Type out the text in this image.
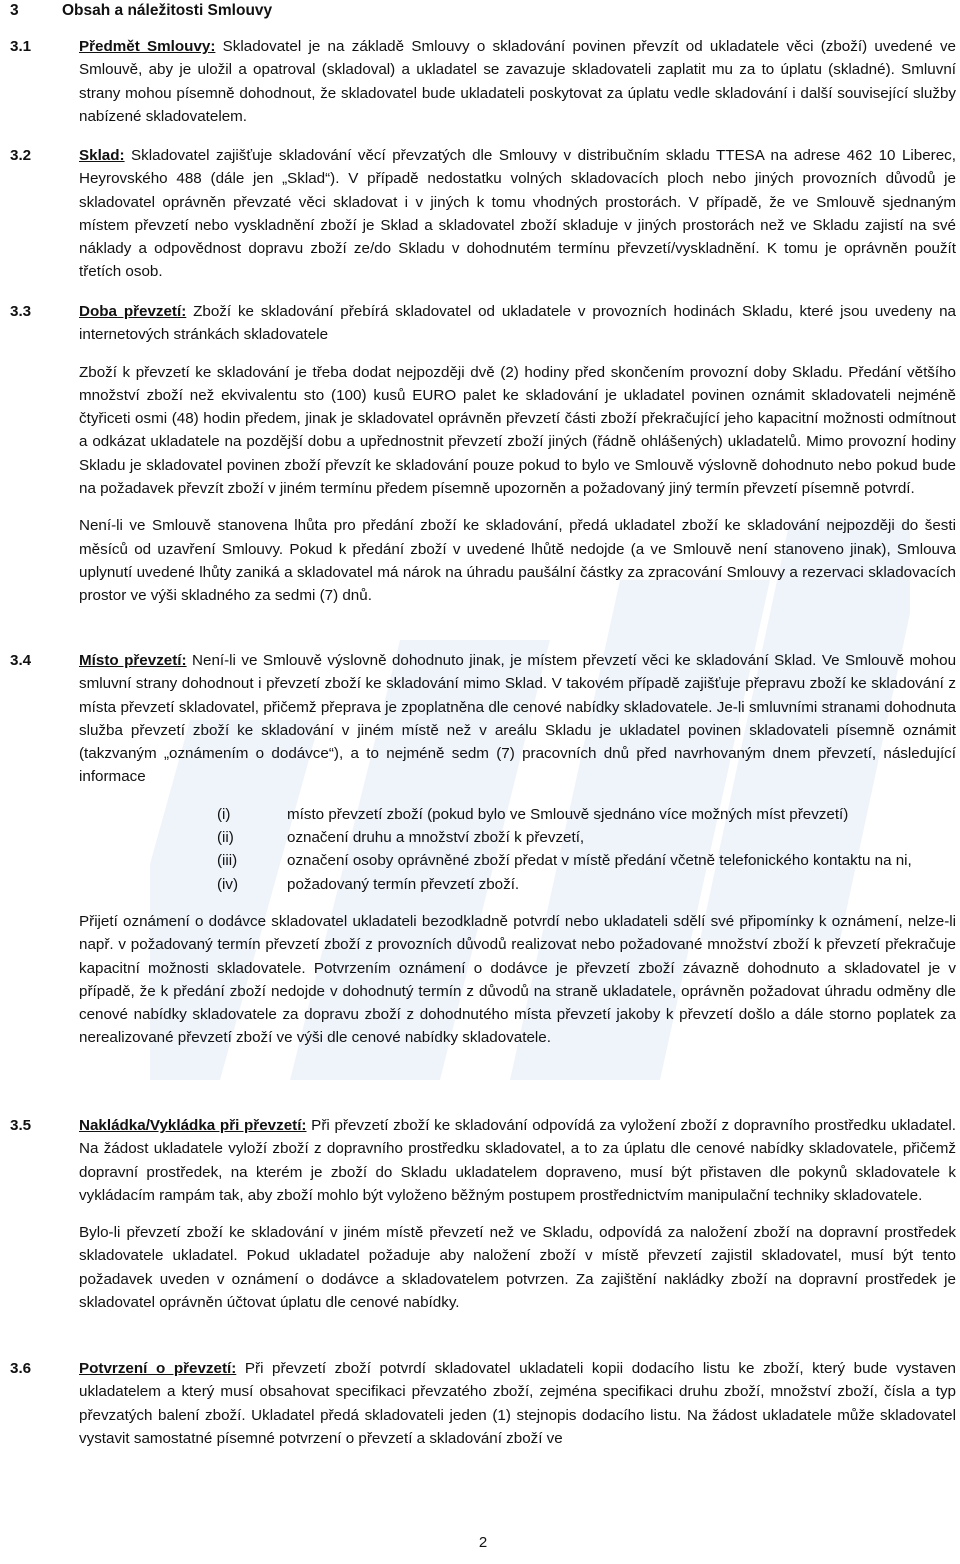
3	Obsah a náležitosti Smlouvy
3.1	Předmět Smlouvy: Skladovatel je na základě Smlouvy o skladování povinen převzít od ukladatele věci (zboží) uvedené ve Smlouvě, aby je uložil a opatroval (skladoval) a ukladatel se zavazuje skladovateli zaplatit mu za to úplatu (skladné). Smluvní strany mohou písemně dohodnout, že skladovatel bude ukladateli poskytovat za úplatu vedle skladování i další související služby nabízené skladovatelem.

3.2	Sklad: Skladovatel zajišťuje skladování věcí převzatých dle Smlouvy v distribučním skladu TTESA na adrese 462 10 Liberec, Heyrovského 488 (dále jen „Sklad“). V případě nedostatku volných skladovacích ploch nebo jiných provozních důvodů je skladovatel oprávněn převzaté věci skladovat i v jiných k tomu vhodných prostorách. V případě, že ve Smlouvě sjednaným místem převzetí nebo vyskladnění zboží je Sklad a skladovatel zboží skladuje v jiných prostorách než ve Skladu zajistí na své náklady a odpovědnost dopravu zboží ze/do Skladu v dohodnutém termínu převzetí/vyskladnění. K tomu je oprávněn použít třetích osob.

3.3	Doba převzetí: Zboží ke skladování přebírá skladovatel od ukladatele v provozních hodinách Skladu, které jsou uvedeny na internetových stránkách skladovatele

Zboží k převzetí ke skladování je třeba dodat nejpozději dvě (2) hodiny před skončením provozní doby Skladu. Předání většího množství zboží než ekvivalentu sto (100) kusů EURO palet ke skladování je ukladatel povinen oznámit skladovateli nejméně čtyřiceti osmi (48) hodin předem, jinak je skladovatel oprávněn převzetí části zboží překračující jeho kapacitní možnosti odmítnout a odkázat ukladatele na pozdější dobu a upřednostnit převzetí zboží jiných (řádně ohlášených) ukladatelů. Mimo provozní hodiny Skladu je skladovatel povinen zboží převzít ke skladování pouze pokud to bylo ve Smlouvě výslovně dohodnuto nebo pokud bude na požadavek převzít zboží v jiném termínu předem písemně upozorněn a požadovaný jiný termín převzetí písemně potvrdí.

Není-li ve Smlouvě stanovena lhůta pro předání zboží ke skladování, předá ukladatel zboží ke skladování nejpozději do šesti měsíců od uzavření Smlouvy. Pokud k předání zboží v uvedené lhůtě nedojde (a ve Smlouvě není stanoveno jinak), Smlouva uplynutí uvedené lhůty zaniká a skladovatel má nárok na úhradu paušální částky za zpracování Smlouvy a rezervaci skladovacích prostor ve výši skladného za sedmi (7) dnů.

3.4	Místo převzetí: Není-li ve Smlouvě výslovně dohodnuto jinak, je místem převzetí věci ke skladování Sklad. Ve Smlouvě mohou smluvní strany dohodnout i převzetí zboží ke skladování mimo Sklad. V takovém případě zajišťuje přepravu zboží ke skladování z místa převzetí skladovatel, přičemž přeprava je zpoplatněna dle cenové nabídky skladovatele. Je-li smluvními stranami dohodnuta služba převzetí zboží ke skladování v jiném místě než v areálu Skladu je ukladatel povinen skladovateli písemně oznámit (takzvaným „oznámením o dodávce“), a to nejméně sedm (7) pracovních dnů před navrhovaným dnem převzetí, následující informace

(i)	místo převzetí zboží (pokud bylo ve Smlouvě sjednáno více možných míst převzetí)
(ii)	označení druhu a množství zboží k převzetí,
(iii)	označení osoby oprávněné zboží předat v místě předání včetně telefonického kontaktu na ni,
(iv)	požadovaný termín převzetí zboží.

Přijetí oznámení o dodávce skladovatel ukladateli bezodkladně potvrdí nebo ukladateli sdělí své připomínky k oznámení, nelze-li např. v požadovaný termín převzetí zboží z provozních důvodů realizovat nebo požadované množství zboží k převzetí překračuje kapacitní možnosti skladovatele. Potvrzením oznámení o dodávce je převzetí zboží závazně dohodnuto a skladovatel je v případě, že k předání zboží nedojde v dohodnutý termín z důvodů na straně ukladatele, oprávněn požadovat úhradu odměny dle cenové nabídky skladovatele za dopravu zboží z dohodnutého místa převzetí jakoby k převzetí došlo a dále storno poplatek za nerealizované převzetí zboží ve výši dle cenové nabídky skladovatele.

3.5	Nakládka/Vykládka při převzetí: Při převzetí zboží ke skladování odpovídá za vyložení zboží z dopravního prostředku ukladatel. Na žádost ukladatele vyloží zboží z dopravního prostředku skladovatel, a to za úplatu dle cenové nabídky skladovatele, přičemž dopravní prostředek, na kterém je zboží do Skladu ukladatelem dopraveno, musí být přistaven dle pokynů skladovatele k vykládacím rampám tak, aby zboží mohlo být vyloženo běžným postupem prostřednictvím manipulační techniky skladovatele.

Bylo-li převzetí zboží ke skladování v jiném místě převzetí než ve Skladu, odpovídá za naložení zboží na dopravní prostředek skladovatele ukladatel. Pokud ukladatel požaduje aby naložení zboží v místě převzetí zajistil skladovatel, musí být tento požadavek uveden v oznámení o dodávce a skladovatelem potvrzen. Za zajištění nakládky zboží na dopravní prostředek je skladovatel oprávněn účtovat úplatu dle cenové nabídky.

3.6	Potvrzení o převzetí: Při převzetí zboží potvrdí skladovatel ukladateli kopii dodacího listu ke zboží, který bude vystaven ukladatelem a který musí obsahovat specifikaci převzatého zboží, zejména specifikaci druhu zboží, množství zboží, čísla a typ převzatých balení zboží. Ukladatel předá skladovateli jeden (1) stejnopis dodacího listu. Na žádost ukladatele může skladovatel vystavit samostatné písemné potvrzení o převzetí a skladování zboží ve

2
